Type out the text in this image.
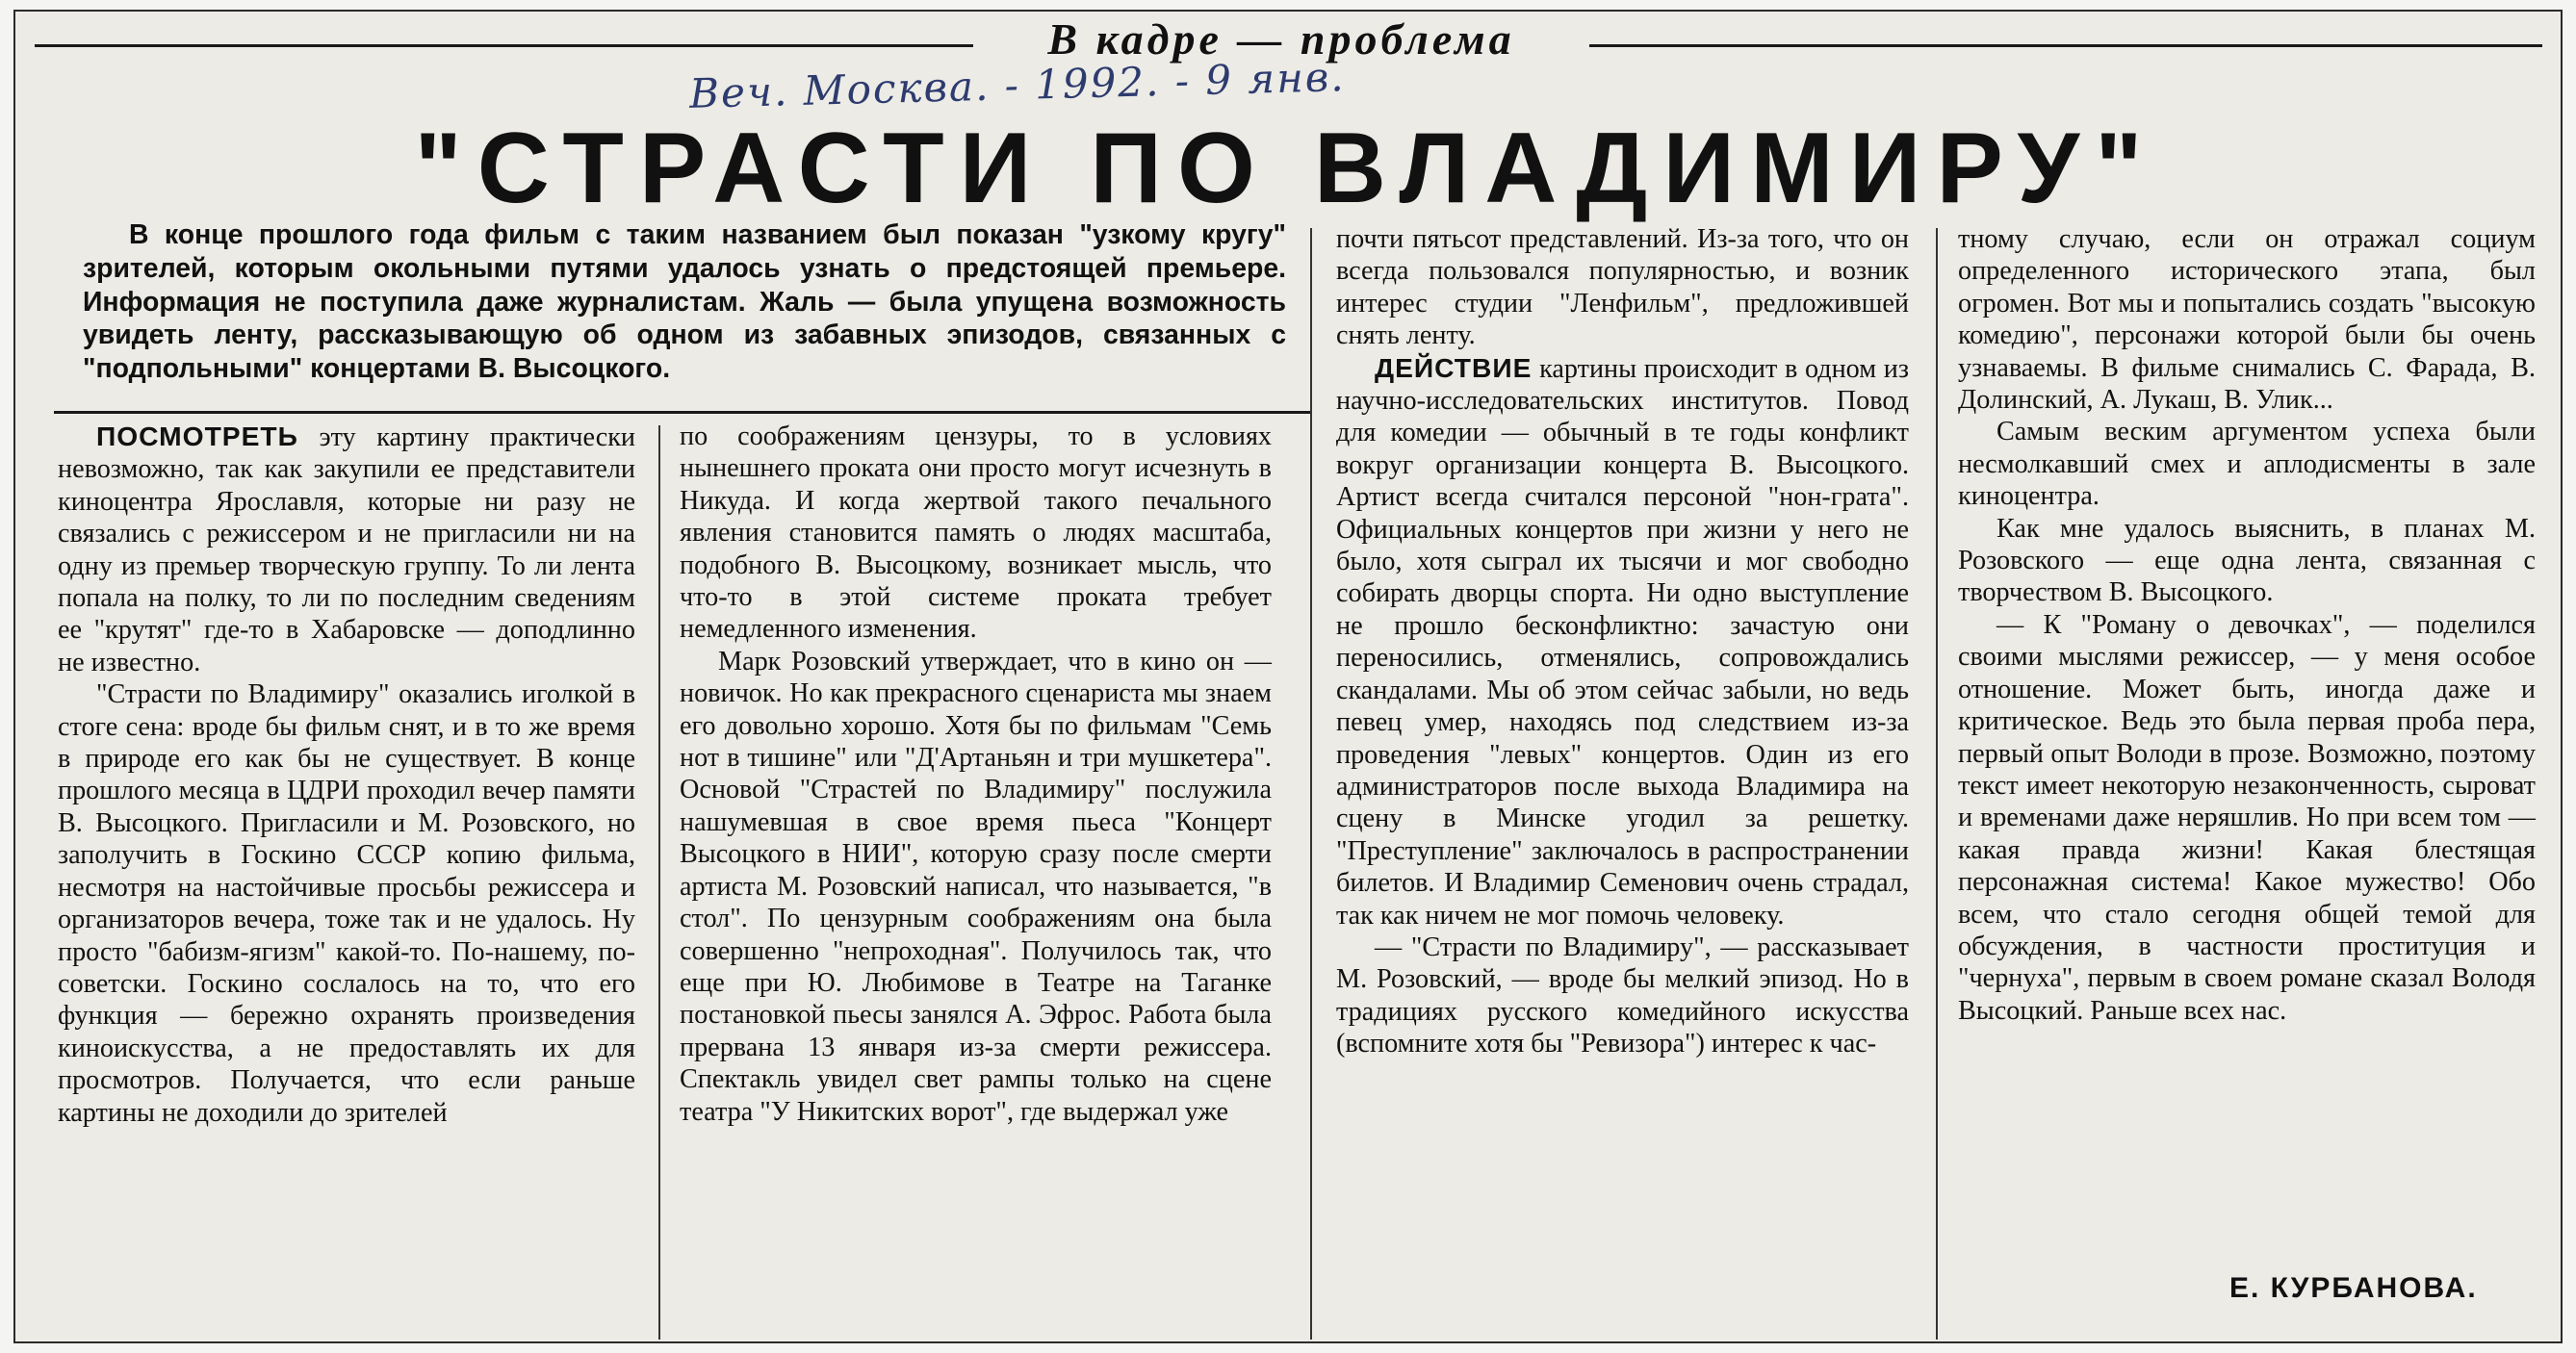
В кадре — проблема
Веч. Москва. - 1992. - 9 янв.
"СТРАСТИ ПО ВЛАДИМИРУ"
В конце прошлого года фильм с таким названием был показан "узкому кругу" зрителей, которым окольными путями удалось узнать о предстоящей премьере. Информация не поступила даже журналистам. Жаль — была упущена возможность увидеть ленту, рассказывающую об одном из забавных эпизодов, связанных с "подпольными" концертами В. Высоцкого.

ПОСМОТРЕТЬ эту картину практически невозможно, так как закупили ее представители киноцентра Ярославля, которые ни разу не связались с режиссером и не пригласили ни на одну из премьер творческую группу. То ли лента попала на полку, то ли по последним сведениям ее "крутят" где-то в Хабаровске — доподлинно не известно.

"Страсти по Владимиру" оказались иголкой в стоге сена: вроде бы фильм снят, и в то же время в природе его как бы не существует. В конце прошлого месяца в ЦДРИ проходил вечер памяти В. Высоцкого. Пригласили и М. Розовского, но заполучить в Госкино СССР копию фильма, несмотря на настойчивые просьбы режиссера и организаторов вечера, тоже так и не удалось. Ну просто "бабизм-ягизм" какой-то. По-нашему, по-советски. Госкино сослалось на то, что его функция — бережно охранять произведения киноискусства, а не предоставлять их для просмотров. Получается, что если раньше картины не доходили до зрителей

по соображениям цензуры, то в условиях нынешнего проката они просто могут исчезнуть в Никуда. И когда жертвой такого печального явления становится память о людях масштаба, подобного В. Высоцкому, возникает мысль, что что-то в этой системе проката требует немедленного изменения.

Марк Розовский утверждает, что в кино он — новичок. Но как прекрасного сценариста мы знаем его довольно хорошо. Хотя бы по фильмам "Семь нот в тишине" или "Д'Артаньян и три мушкетера". Основой "Страстей по Владимиру" послужила нашумевшая в свое время пьеса "Концерт Высоцкого в НИИ", которую сразу после смерти артиста М. Розовский написал, что называется, "в стол". По цензурным соображениям она была совершенно "непроходная". Получилось так, что еще при Ю. Любимове в Театре на Таганке постановкой пьесы занялся А. Эфрос. Работа была прервана 13 января из-за смерти режиссера. Спектакль увидел свет рампы только на сцене театра "У Никитских ворот", где выдержал уже

почти пятьсот представлений. Из-за того, что он всегда пользовался популярностью, и возник интерес студии "Ленфильм", предложившей снять ленту.

ДЕЙСТВИЕ картины происходит в одном из научно-исследовательских институтов. Повод для комедии — обычный в те годы конфликт вокруг организации концерта В. Высоцкого. Артист всегда считался персоной "нон-грата". Официальных концертов при жизни у него не было, хотя сыграл их тысячи и мог свободно собирать дворцы спорта. Ни одно выступление не прошло бесконфликтно: зачастую они переносились, отменялись, сопровождались скандалами. Мы об этом сейчас забыли, но ведь певец умер, находясь под следствием из-за проведения "левых" концертов. Один из его администраторов после выхода Владимира на сцену в Минске угодил за решетку. "Преступление" заключалось в распространении билетов. И Владимир Семенович очень страдал, так как ничем не мог помочь человеку.

— "Страсти по Владимиру", — рассказывает М. Розовский, — вроде бы мелкий эпизод. Но в традициях русского комедийного искусства (вспомните хотя бы "Ревизора") интерес к час-

тному случаю, если он отражал социум определенного исторического этапа, был огромен. Вот мы и попытались создать "высокую комедию", персонажи которой были бы очень узнаваемы. В фильме снимались С. Фарада, В. Долинский, А. Лукаш, В. Улик...

Самым веским аргументом успеха были несмолкавший смех и аплодисменты в зале киноцентра.

Как мне удалось выяснить, в планах М. Розовского — еще одна лента, связанная с творчеством В. Высоцкого.

— К "Роману о девочках", — поделился своими мыслями режиссер, — у меня особое отношение. Может быть, иногда даже и критическое. Ведь это была первая проба пера, первый опыт Володи в прозе. Возможно, поэтому текст имеет некоторую незаконченность, сыроват и временами даже неряшлив. Но при всем том — какая правда жизни! Какая блестящая персонажная система! Какое мужество! Обо всем, что стало сегодня общей темой для обсуждения, в частности проституция и "чернуха", первым в своем романе сказал Володя Высоцкий. Раньше всех нас.

Е. КУРБАНОВА.
